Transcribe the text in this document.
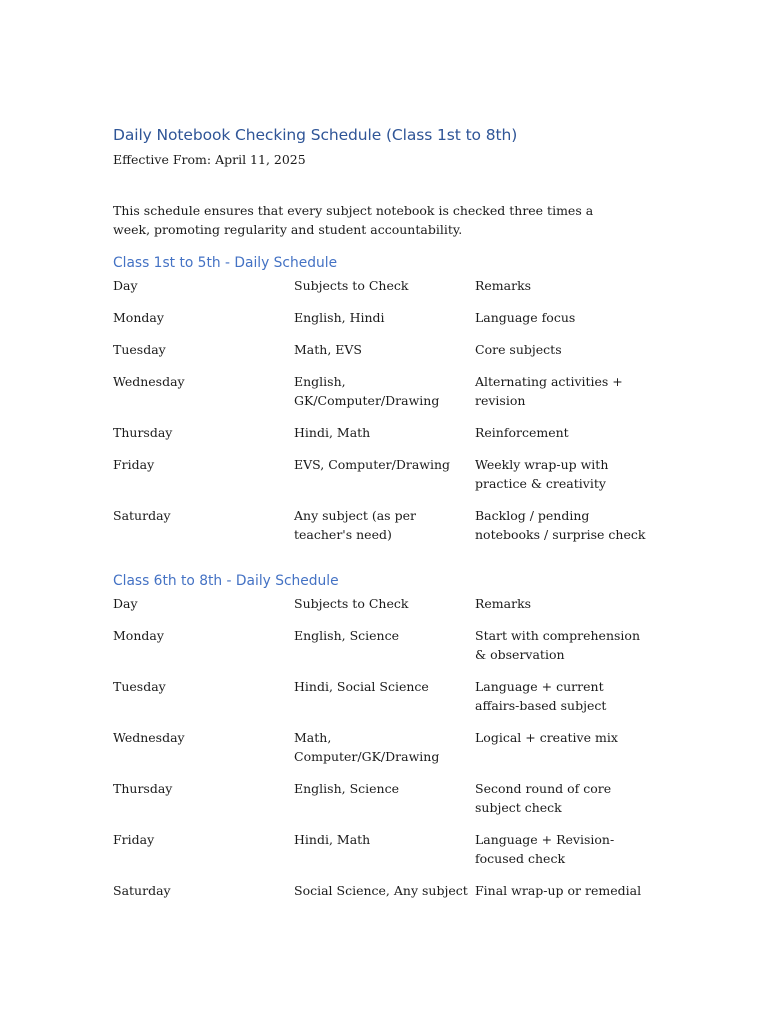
Daily Notebook Checking Schedule (Class 1st to 8th)

Effective From: April 11, 2025

This schedule ensures that every subject notebook is checked three times a week, promoting regularity and student accountability.

Class 1st to 5th - Daily Schedule
Day	Subjects to Check	Remarks
Monday	English, Hindi	Language focus
Tuesday	Math, EVS	Core subjects
Wednesday	English, GK/Computer/Drawing	Alternating activities + revision
Thursday	Hindi, Math	Reinforcement
Friday	EVS, Computer/Drawing	Weekly wrap-up with practice & creativity
Saturday	Any subject (as per teacher's need)	Backlog / pending notebooks / surprise check
Class 6th to 8th - Daily Schedule
Day	Subjects to Check	Remarks
Monday	English, Science	Start with comprehension & observation
Tuesday	Hindi, Social Science	Language + current affairs-based subject
Wednesday	Math, Computer/GK/Drawing	Logical + creative mix
Thursday	English, Science	Second round of core subject check
Friday	Hindi, Math	Language + Revision-focused check
Saturday	Social Science, Any subject	Final wrap-up or remedial
